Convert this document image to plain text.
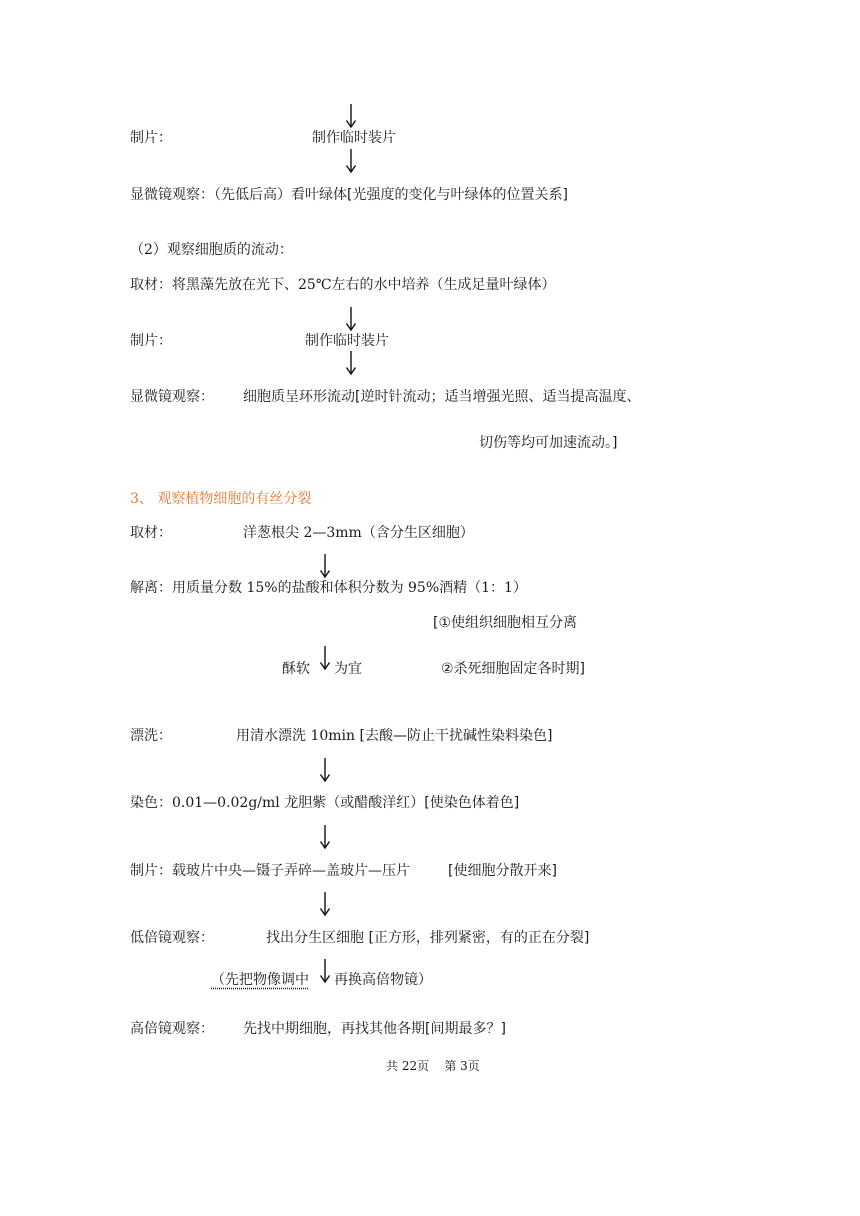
制片：	制作临时装片
显微镜观察：（先低后高）看叶绿体[光强度的变化与叶绿体的位置关系]
（2）观察细胞质的流动：
取材：将黑藻先放在光下、25℃左右的水中培养（生成足量叶绿体）
制片：	制作临时装片
显微镜观察： 细胞质呈环形流动[逆时针流动；适当增强光照、适当提高温度、
切伤等均可加速流动。]
3、 观察植物细胞的有丝分裂
取材：	洋葱根尖 2—3mm（含分生区细胞）
解离：用质量分数 15%的盐酸和体积分数为 95%酒精（1：1）
[①使组织细胞相互分离
酥软 为宜	②杀死细胞固定各时期]
漂洗：	用清水漂洗 10min [去酸—防止干扰碱性染料染色]
染色：0.01—0.02g/ml 龙胆紫（或醋酸洋红）[使染色体着色]
制片：载玻片中央—镊子弄碎—盖玻片—压片	[使细胞分散开来]
低倍镜观察：	找出分生区细胞 [正方形，排列紧密，有的正在分裂]
（先把物像调中 再换高倍物镜）
高倍镜观察： 先找中期细胞，再找其他各期[间期最多？]
共 22页 第 3页
